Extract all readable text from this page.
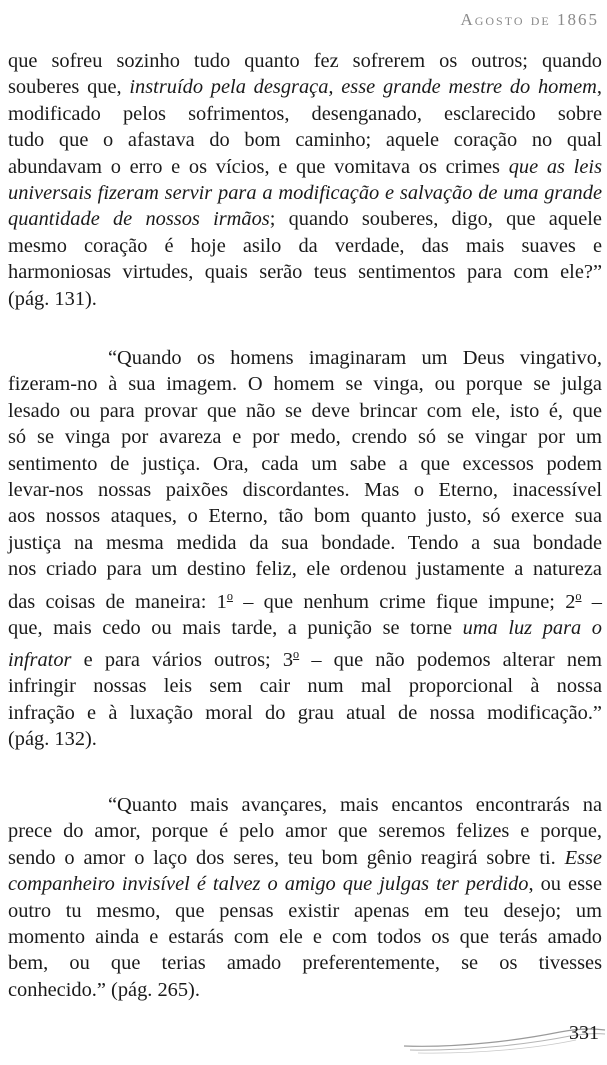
Agosto de 1865
que sofreu sozinho tudo quanto fez sofrerem os outros; quando
souberes que, instruído pela desgraça, esse grande mestre do homem,
modificado pelos sofrimentos, desenganado, esclarecido sobre
tudo que o afastava do bom caminho; aquele coração no qual
abundavam o erro e os vícios, e que vomitava os crimes que as leis
universais fizeram servir para a modificação e salvação de uma grande
quantidade de nossos irmãos; quando souberes, digo, que aquele
mesmo coração é hoje asilo da verdade, das mais suaves e
harmoniosas virtudes, quais serão teus sentimentos para com ele?”
(pág. 131).
“Quando os homens imaginaram um Deus vingativo,
fizeram-no à sua imagem. O homem se vinga, ou porque se julga
lesado ou para provar que não se deve brincar com ele, isto é, que
só se vinga por avareza e por medo, crendo só se vingar por um
sentimento de justiça. Ora, cada um sabe a que excessos podem
levar-nos nossas paixões discordantes. Mas o Eterno, inacessível
aos nossos ataques, o Eterno, tão bom quanto justo, só exerce sua
justiça na mesma medida da sua bondade. Tendo a sua bondade
nos criado para um destino feliz, ele ordenou justamente a natureza
das coisas de maneira: 1$^o$ – que nenhum crime fique impune; 2$^o$ –
que, mais cedo ou mais tarde, a punição se torne uma luz para o
infrator e para vários outros; 3$^o$ – que não podemos alterar nem
infringir nossas leis sem cair num mal proporcional à nossa
infração e à luxação moral do grau atual de nossa modificação.”
(pág. 132).
“Quanto mais avançares, mais encantos encontrarás na
prece do amor, porque é pelo amor que seremos felizes e porque,
sendo o amor o laço dos seres, teu bom gênio reagirá sobre ti. Esse
companheiro invisível é talvez o amigo que julgas ter perdido, ou esse
outro tu mesmo, que pensas existir apenas em teu desejo; um
momento ainda e estarás com ele e com todos os que terás amado
bem, ou que terias amado preferentemente, se os tivesses
conhecido.” (pág. 265).
331
